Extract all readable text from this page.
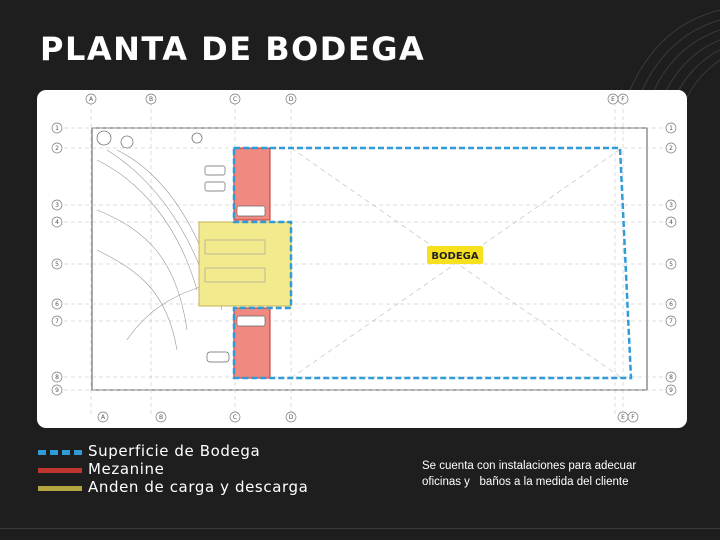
PLANTA DE BODEGA
A	B	C	D	E F
A	B	C	D	E F
1
2
3
4
5
6
7
8
9
1
2
3
4
5
6
7
8
9
BODEGA
Superficie de Bodega
Mezanine
Anden de carga y descarga
Se cuenta con instalaciones para adecuar
oficinas y   baños a la medida del cliente
